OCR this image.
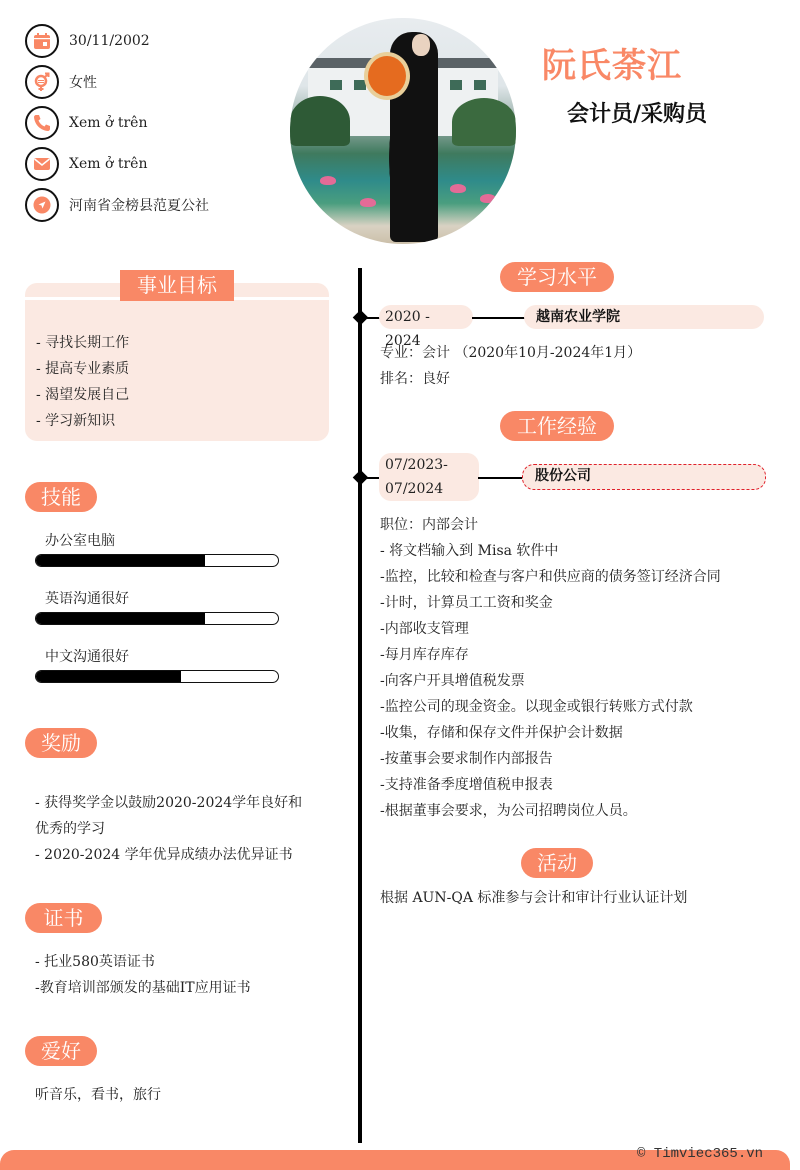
30/11/2002
女性
Xem ở trên
Xem ở trên
河南省金榜县范夏公社
阮氏荼江
会计员/采购员
事业目标
- 寻找长期工作
- 提高专业素质
- 渴望发展自己
- 学习新知识
技能
办公室电脑
英语沟通很好
中文沟通很好
奖励

- 获得奖学金以鼓励2020-2024学年良好和

优秀的学习

- 2020-2024 学年优异成绩办法优异证书

证书

- 托业580英语证书

-教育培训部颁发的基础IT应用证书

爱好

听音乐，看书，旅行

学习水平
2020 - 2024
越南农业学院

专业：会计 （2020年10月-2024年1月）

排名：良好

工作经验
07/2023-
07/2024
股份公司

职位：内部会计

- 将文档输入到 Misa 软件中

-监控，比较和检查与客户和供应商的债务签订经济合同

-计时，计算员工工资和奖金

-内部收支管理

-每月库存库存

-向客户开具增值税发票

-监控公司的现金资金。以现金或银行转账方式付款

-收集，存储和保存文件并保护会计数据

-按董事会要求制作内部报告

-支持准备季度增值税申报表

-根据董事会要求，为公司招聘岗位人员。

活动

根据 AUN-QA 标准参与会计和审计行业认证计划

© Timviec365.vn
